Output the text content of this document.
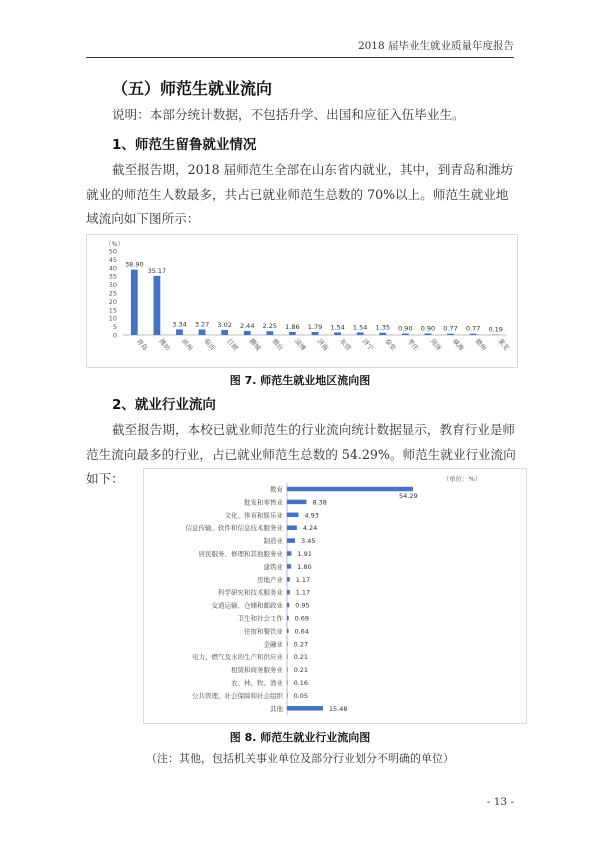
2018 届毕业生就业质量年度报告
（五）师范生就业流向
说明：本部分统计数据，不包括升学、出国和应征入伍毕业生。
1、师范生留鲁就业情况

截至报告期，2018 届师范生全部在山东省内就业，其中，到青岛和潍坊就业的师范生人数最多，共占已就业师范生总数的 70%以上。师范生就业地域流向如下图所示：

（%）
0
5
10
15
20
25
30
35
40
45
50
38.90
青岛
35.17
潍坊
3.34
滨州
3.27
临沂
3.02
日照
2.44
聊城
2.25
烟台
1.86
淄博
1.79
济南
1.54
东营
1.54
济宁
1.35
泰安
0.90
枣庄
0.90
菏泽
0.77
威海
0.77
德州
0.19
莱芜
图 7. 师范生就业地区流向图
2、就业行业流向

截至报告期，本校已就业师范生的行业流向统计数据显示，教育行业是师范生流向最多的行业，占已就业师范生总数的 54.29%。师范生就业行业流向如下：	（单位：%）
教育
54.29
批发和零售业	8.38
文化、体育和娱乐业	4.93
信息传输、软件和信息技术服务业	4.24
制造业	3.45
居民服务、修理和其他服务业 1.91
建筑业 1.80
房地产业 1.17
科学研究和技术服务业 1.17
交通运输、仓储和邮政业 0.95
卫生和社会工作 0.69
住宿和餐饮业 0.64
金融业 0.27
电力、燃气及水的生产和供应业 0.21
租赁和商务服务业 0.21
农、林、牧、渔业 0.16
公共管理、社会保障和社会组织 0.05
其他	15.48
图 8. 师范生就业行业流向图
（注：其他，包括机关事业单位及部分行业划分不明确的单位）
- 13 -
